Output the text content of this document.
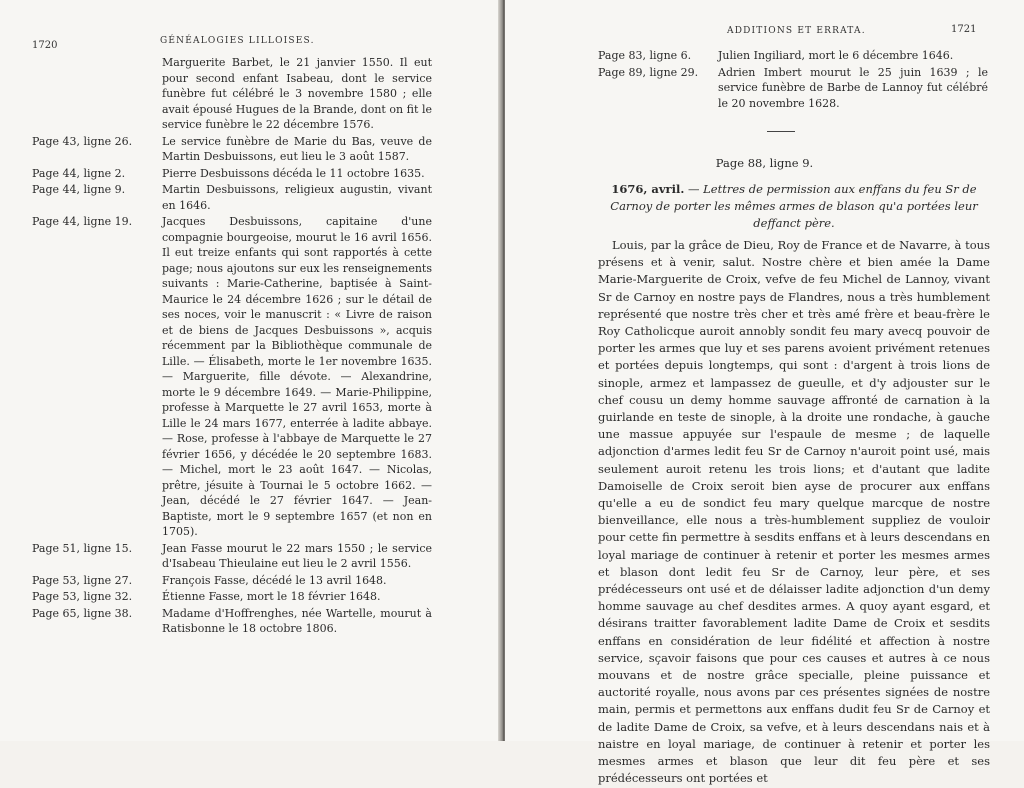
1720	GÉNÉALOGIES LILLOISES.
Marguerite Barbet, le 21 janvier 1550. Il eut pour second enfant Isabeau, dont le service funèbre fut célébré le 3 novembre 1580 ; elle avait épousé Hugues de la Brande, dont on fit le service funèbre le 22 décembre 1576.
Page 43, ligne 26.	Le service funèbre de Marie du Bas, veuve de Martin Desbuissons, eut lieu le 3 août 1587.
Page 44, ligne 2.	Pierre Desbuissons décéda le 11 octobre 1635.
Page 44, ligne 9.	Martin Desbuissons, religieux augustin, vivant en 1646.
Page 44, ligne 19.	Jacques Desbuissons, capitaine d'une compagnie bourgeoise, mourut le 16 avril 1656. Il eut treize enfants qui sont rapportés à cette page; nous ajoutons sur eux les renseignements suivants : Marie-Catherine, baptisée à Saint-Maurice le 24 décembre 1626 ; sur le détail de ses noces, voir le manuscrit : « Livre de raison et de biens de Jacques Desbuissons », acquis récemment par la Bibliothèque communale de Lille. — Élisabeth, morte le 1er novembre 1635. — Marguerite, fille dévote. — Alexandrine, morte le 9 décembre 1649. — Marie-Philippine, professe à Marquette le 27 avril 1653, morte à Lille le 24 mars 1677, enterrée à ladite abbaye. — Rose, professe à l'abbaye de Marquette le 27 février 1656, y décédée le 20 septembre 1683. — Michel, mort le 23 août 1647. — Nicolas, prêtre, jésuite à Tournai le 5 octobre 1662. — Jean, décédé le 27 février 1647. — Jean-Baptiste, mort le 9 septembre 1657 (et non en 1705).
Page 51, ligne 15.	Jean Fasse mourut le 22 mars 1550 ; le service d'Isabeau Thieulaine eut lieu le 2 avril 1556.
Page 53, ligne 27.	François Fasse, décédé le 13 avril 1648.
Page 53, ligne 32.	Étienne Fasse, mort le 18 février 1648.
Page 65, ligne 38.	Madame d'Hoffrenghes, née Wartelle, mourut à Ratisbonne le 18 octobre 1806.
ADDITIONS ET ERRATA.	1721
Page 83, ligne 6.	Julien Ingiliard, mort le 6 décembre 1646.
Page 89, ligne 29.	Adrien Imbert mourut le 25 juin 1639 ; le service funèbre de Barbe de Lannoy fut célébré le 20 novembre 1628.
Page 88, ligne 9.
1676, avril. — Lettres de permission aux enffans du feu Sr de Carnoy de porter les mêmes armes de blason qu'a portées leur deffanct père.
Louis, par la grâce de Dieu, Roy de France et de Navarre, à tous présens et à venir, salut. Nostre chère et bien amée la Dame Marie-Marguerite de Croix, vefve de feu Michel de Lannoy, vivant Sr de Carnoy en nostre pays de Flandres, nous a très humblement représenté que nostre très cher et très amé frère et beau-frère le Roy Catholicque auroit annobly sondit feu mary avecq pouvoir de porter les armes que luy et ses parens avoient privément retenues et portées depuis longtemps, qui sont : d'argent à trois lions de sinople, armez et lampassez de gueulle, et d'y adjouster sur le chef cousu un demy homme sauvage affronté de carnation à la guirlande en teste de sinople, à la droite une rondache, à gauche une massue appuyée sur l'espaule de mesme ; de laquelle adjonction d'armes ledit feu Sr de Carnoy n'auroit point usé, mais seulement auroit retenu les trois lions; et d'autant que ladite Damoiselle de Croix seroit bien ayse de procurer aux enffans qu'elle a eu de sondict feu mary quelque marcque de nostre bienveillance, elle nous a très-humblement suppliez de vouloir pour cette fin permettre à sesdits enffans et à leurs descendans en loyal mariage de continuer à retenir et porter les mesmes armes et blason dont ledit feu Sr de Carnoy, leur père, et ses prédécesseurs ont usé et de délaisser ladite adjonction d'un demy homme sauvage au chef desdites armes. A quoy ayant esgard, et désirans traitter favorablement ladite Dame de Croix et sesdits enffans en considération de leur fidélité et affection à nostre service, sçavoir faisons que pour ces causes et autres à ce nous mouvans et de nostre grâce specialle, pleine puissance et auctorité royalle, nous avons par ces présentes signées de nostre main, permis et permettons aux enffans dudit feu Sr de Carnoy et de ladite Dame de Croix, sa vefve, et à leurs descendans nais et à naistre en loyal mariage, de continuer à retenir et porter les mesmes armes et blason que leur dit feu père et ses prédécesseurs ont portées et
